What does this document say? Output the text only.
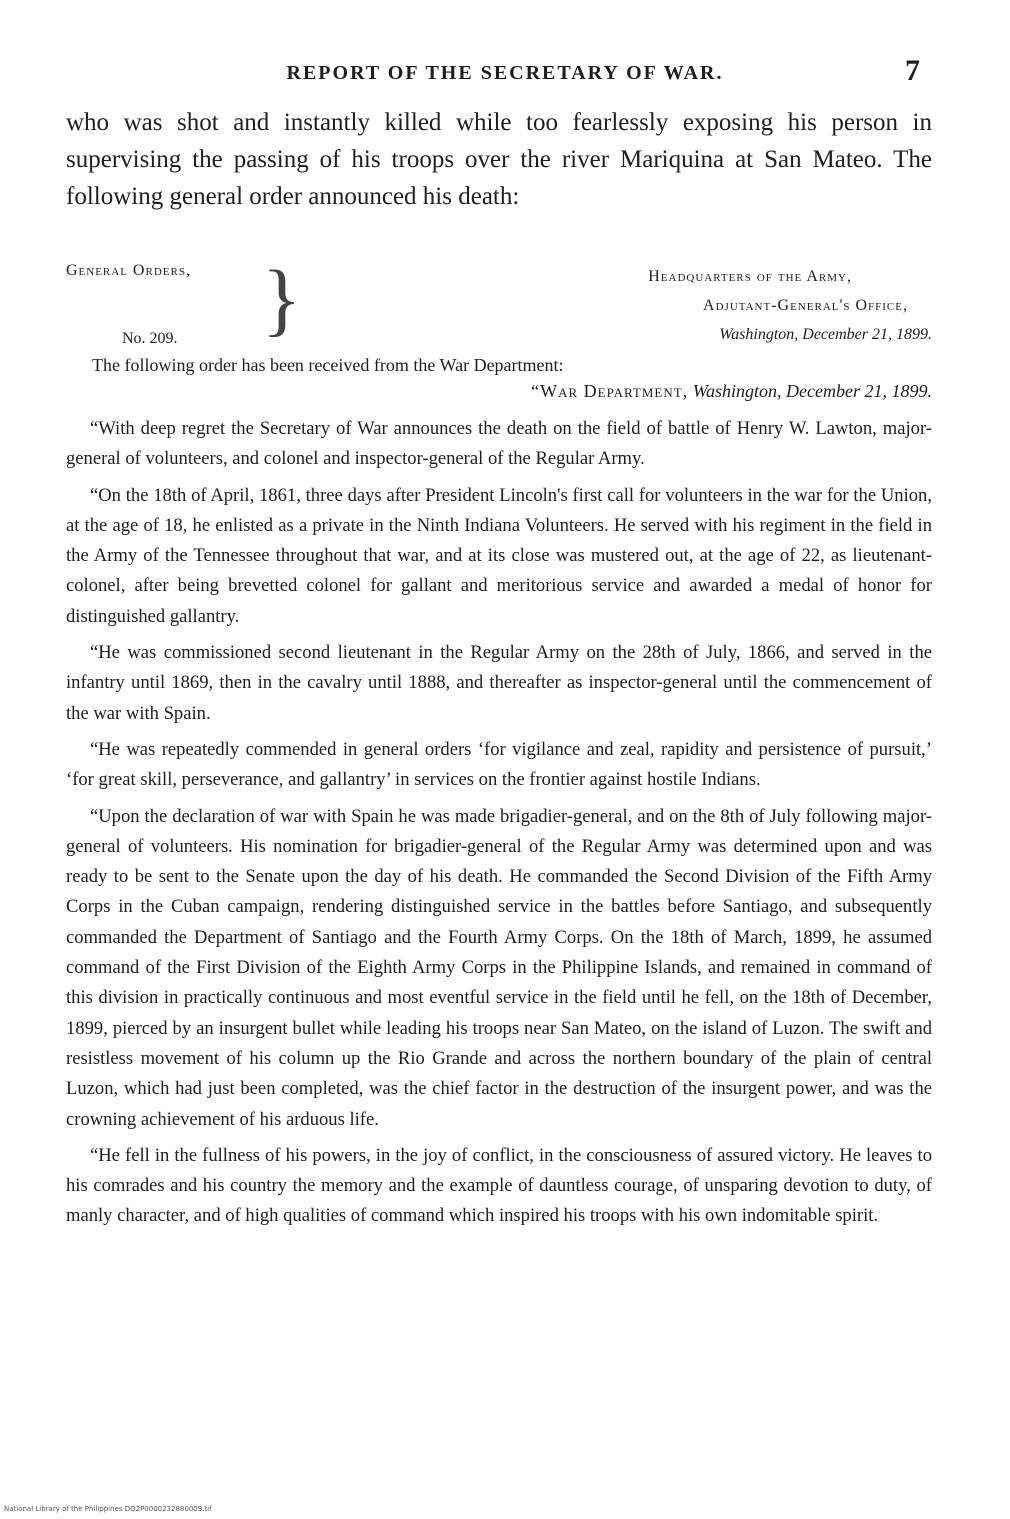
REPORT OF THE SECRETARY OF WAR.	7

who was shot and instantly killed while too fearlessly exposing his person in supervising the passing of his troops over the river Mariquina at San Mateo. The following general order announced his death:

General Orders,
No. 209. }	Headquarters of the Army,
Adjutant-General's Office,
Washington, December 21, 1899.
The following order has been received from the War Department:
“War Department, Washington, December 21, 1899.

“With deep regret the Secretary of War announces the death on the field of battle of Henry W. Lawton, major-general of volunteers, and colonel and inspector-general of the Regular Army.

“On the 18th of April, 1861, three days after President Lincoln's first call for volunteers in the war for the Union, at the age of 18, he enlisted as a private in the Ninth Indiana Volunteers. He served with his regiment in the field in the Army of the Tennessee throughout that war, and at its close was mustered out, at the age of 22, as lieutenant-colonel, after being brevetted colonel for gallant and meritorious service and awarded a medal of honor for distinguished gallantry.

“He was commissioned second lieutenant in the Regular Army on the 28th of July, 1866, and served in the infantry until 1869, then in the cavalry until 1888, and thereafter as inspector-general until the commencement of the war with Spain.

“He was repeatedly commended in general orders ‘for vigilance and zeal, rapidity and persistence of pursuit,’ ‘for great skill, perseverance, and gallantry’ in services on the frontier against hostile Indians.

“Upon the declaration of war with Spain he was made brigadier-general, and on the 8th of July following major-general of volunteers. His nomination for brigadier-general of the Regular Army was determined upon and was ready to be sent to the Senate upon the day of his death. He commanded the Second Division of the Fifth Army Corps in the Cuban campaign, rendering distinguished service in the battles before Santiago, and subsequently commanded the Department of Santiago and the Fourth Army Corps. On the 18th of March, 1899, he assumed command of the First Division of the Eighth Army Corps in the Philippine Islands, and remained in command of this division in practically continuous and most eventful service in the field until he fell, on the 18th of December, 1899, pierced by an insurgent bullet while leading his troops near San Mateo, on the island of Luzon. The swift and resistless movement of his column up the Rio Grande and across the northern boundary of the plain of central Luzon, which had just been completed, was the chief factor in the destruction of the insurgent power, and was the crowning achievement of his arduous life.

“He fell in the fullness of his powers, in the joy of conflict, in the consciousness of assured victory. He leaves to his comrades and his country the memory and the example of dauntless courage, of unsparing devotion to duty, of manly character, and of high qualities of command which inspired his troops with his own indomitable spirit.

National Library of the Philippines DO2P0000232880009.tif
